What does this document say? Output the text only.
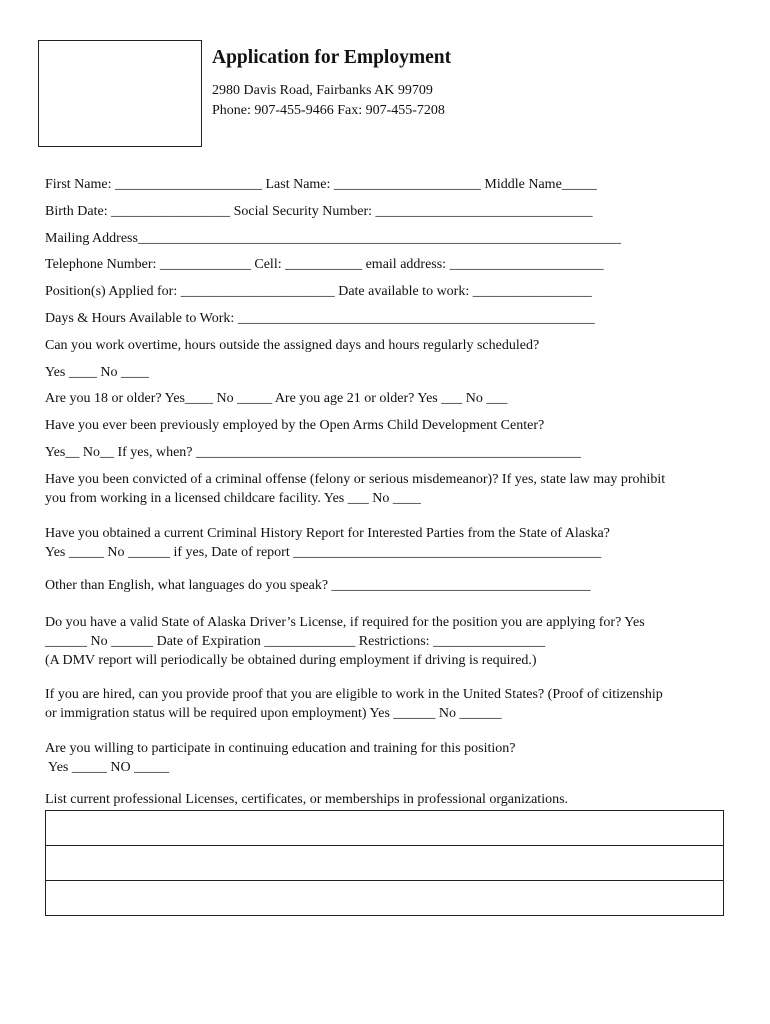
Application for Employment
2980 Davis Road, Fairbanks AK 99709
Phone: 907-455-9466 Fax: 907-455-7208
First Name: _____________________ Last Name: _____________________ Middle Name_____
Birth Date: _________________ Social Security Number: _______________________________
Mailing Address_____________________________________________________________________
Telephone Number: _____________ Cell: ___________ email address: ______________________
Position(s) Applied for: ______________________ Date available to work: _________________
Days & Hours Available to Work: ___________________________________________________
Can you work overtime, hours outside the assigned days and hours regularly scheduled?
Yes ____ No ____
Are you 18 or older? Yes____ No _____ Are you age 21 or older? Yes ___ No ___
Have you ever been previously employed by the Open Arms Child Development Center?
Yes__ No__ If yes, when? _______________________________________________________
Have you been convicted of a criminal offense (felony or serious misdemeanor)? If yes, state law may prohibit
you from working in a licensed childcare facility. Yes ___ No ____
Have you obtained a current Criminal History Report for Interested Parties from the State of Alaska?
Yes _____ No ______ if yes, Date of report ____________________________________________
Other than English, what languages do you speak? _____________________________________
Do you have a valid State of Alaska Driver’s License, if required for the position you are applying for? Yes
______ No ______ Date of Expiration _____________ Restrictions: ________________
(A DMV report will periodically be obtained during employment if driving is required.)
If you are hired, can you provide proof that you are eligible to work in the United States? (Proof of citizenship
or immigration status will be required upon employment) Yes ______ No ______
Are you willing to participate in continuing education and training for this position?
Yes _____ NO _____
List current professional Licenses, certificates, or memberships in professional organizations.
